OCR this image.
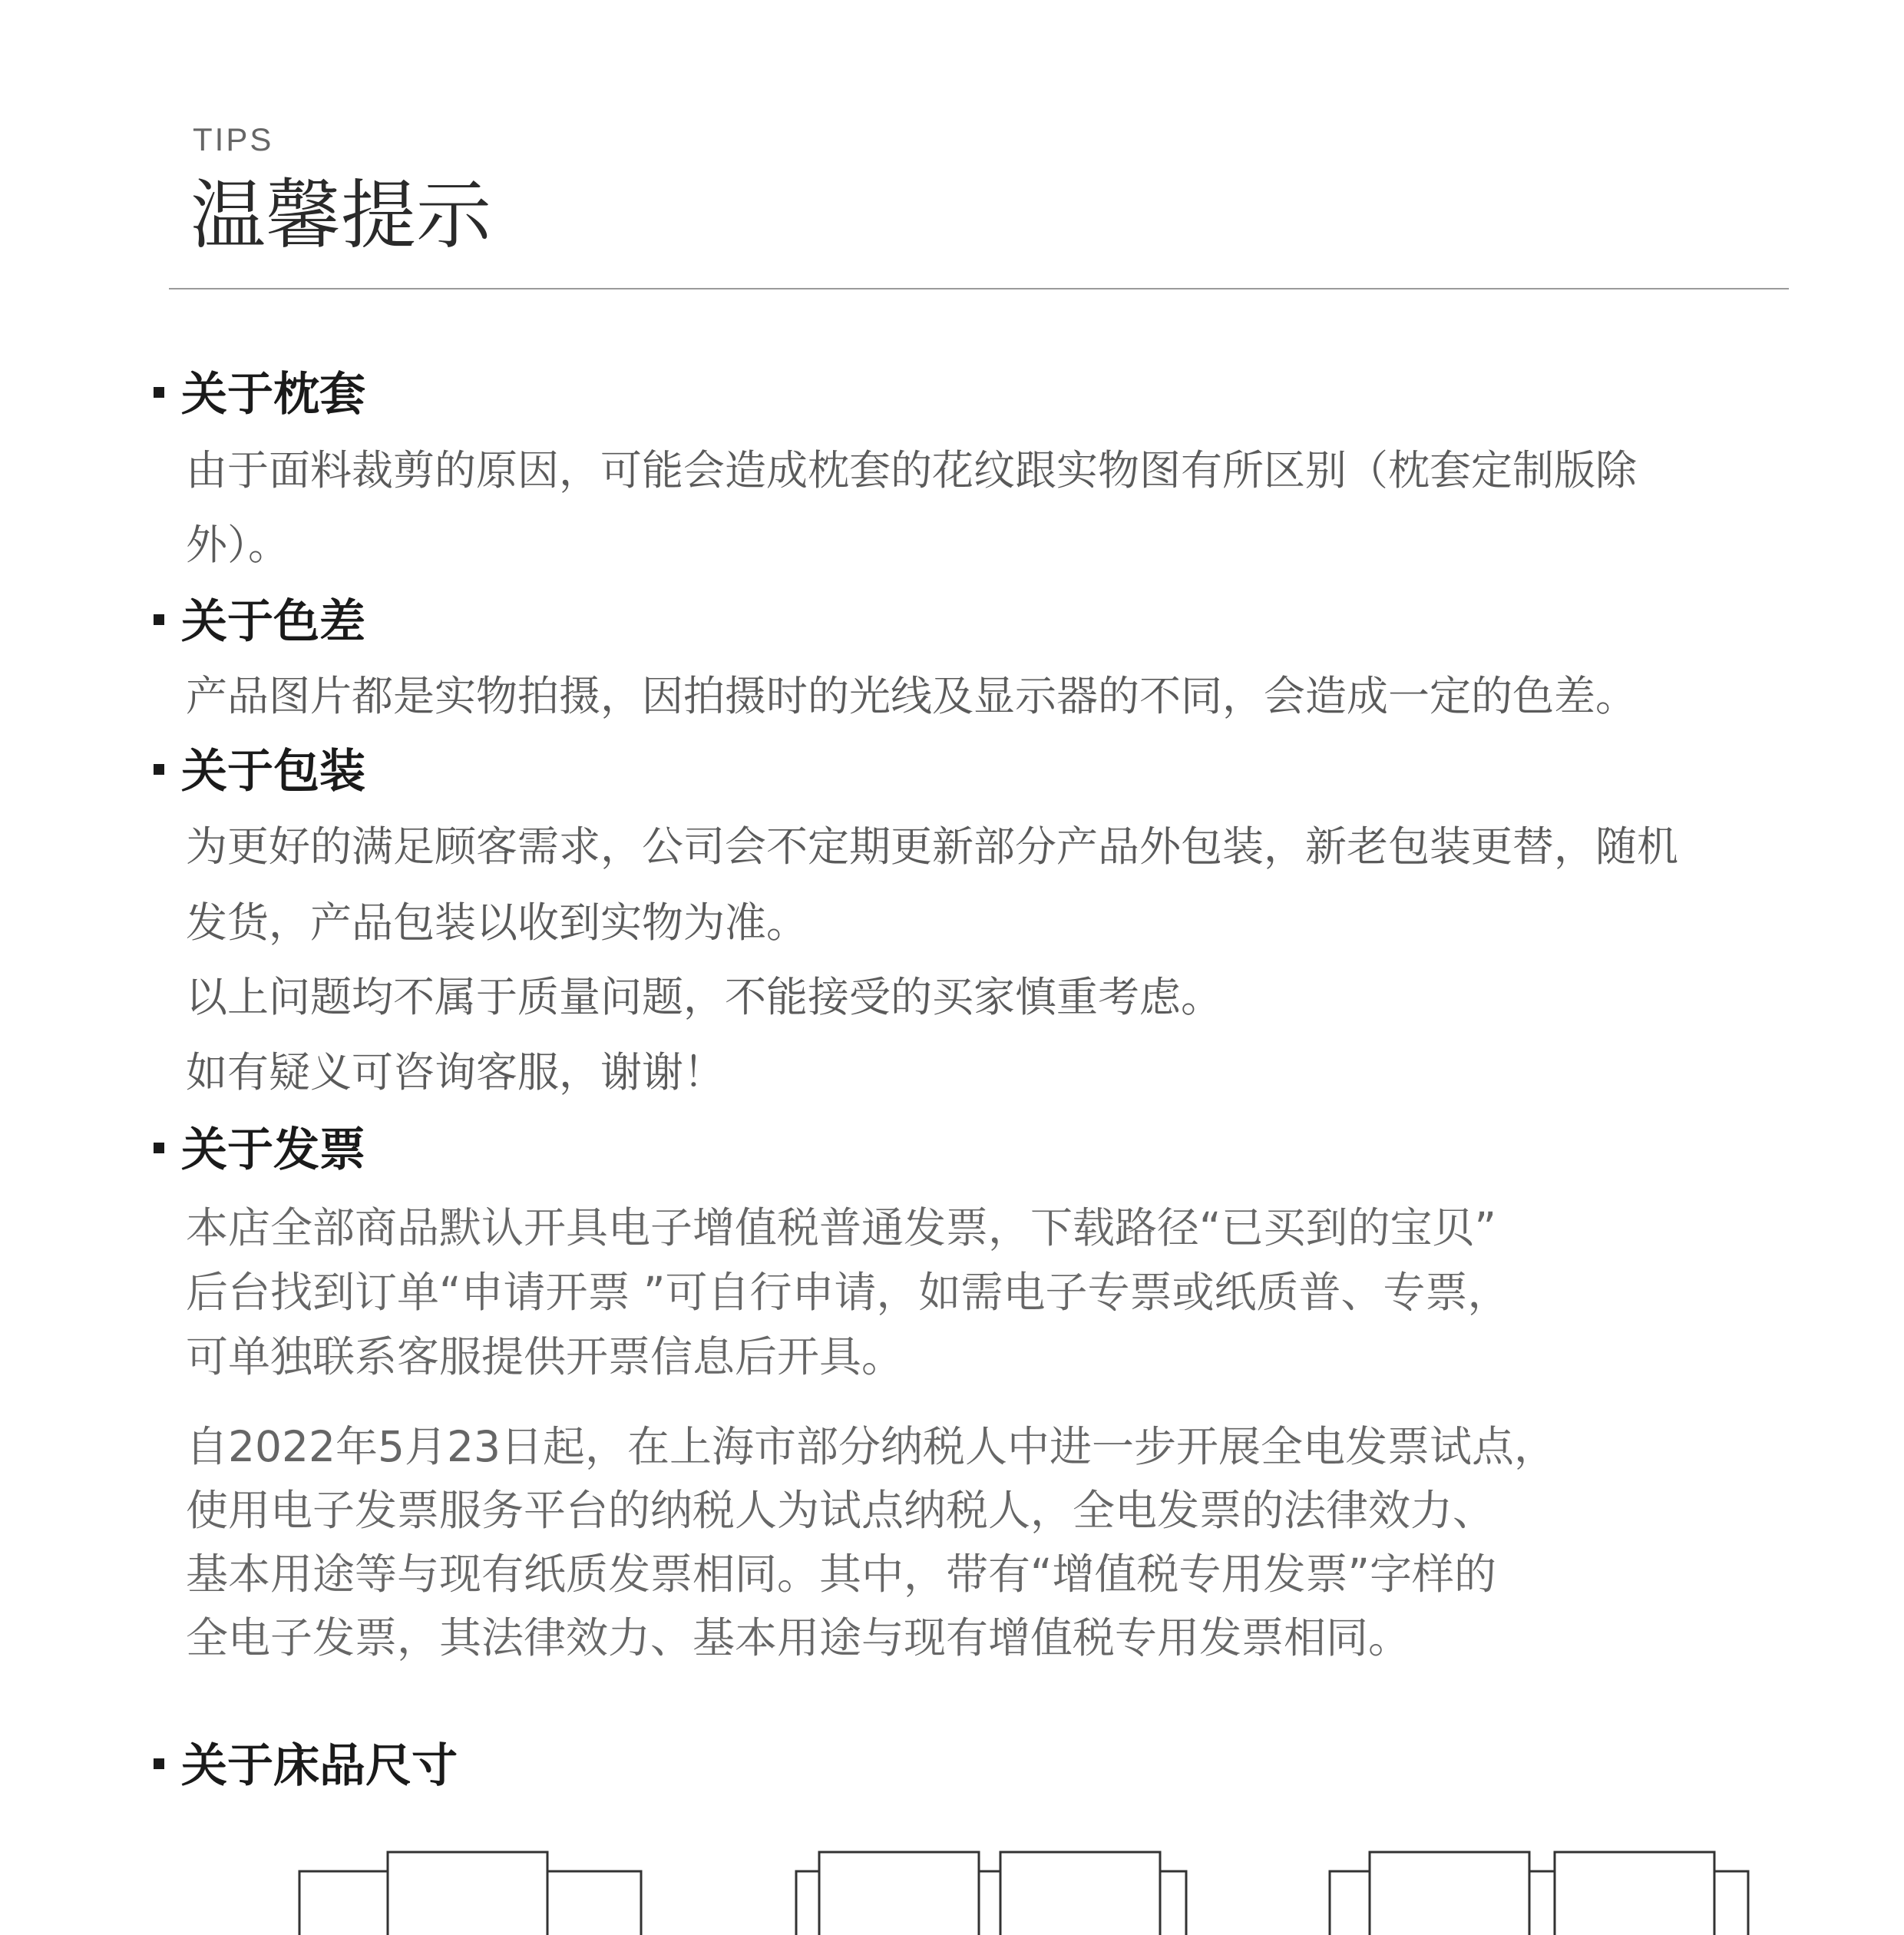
TIPS
温馨提示
关于枕套
由于面料裁剪的原因，可能会造成枕套的花纹跟实物图有所区别（枕套定制版除
外）。
关于色差
产品图片都是实物拍摄，因拍摄时的光线及显示器的不同，会造成一定的色差。
关于包装
为更好的满足顾客需求，公司会不定期更新部分产品外包装，新老包装更替，随机
发货，产品包装以收到实物为准。
以上问题均不属于质量问题，不能接受的买家慎重考虑。
如有疑义可咨询客服，谢谢！
关于发票
本店全部商品默认开具电子增值税普通发票，下载路径“已买到的宝贝”
后台找到订单“申请开票 ”可自行申请，如需电子专票或纸质普、专票，
可单独联系客服提供开票信息后开具。
自2022年5月23日起，在上海市部分纳税人中进一步开展全电发票试点，
使用电子发票服务平台的纳税人为试点纳税人，全电发票的法律效力、
基本用途等与现有纸质发票相同。其中，带有“增值税专用发票”字样的
全电子发票，其法律效力、基本用途与现有增值税专用发票相同。
关于床品尺寸
